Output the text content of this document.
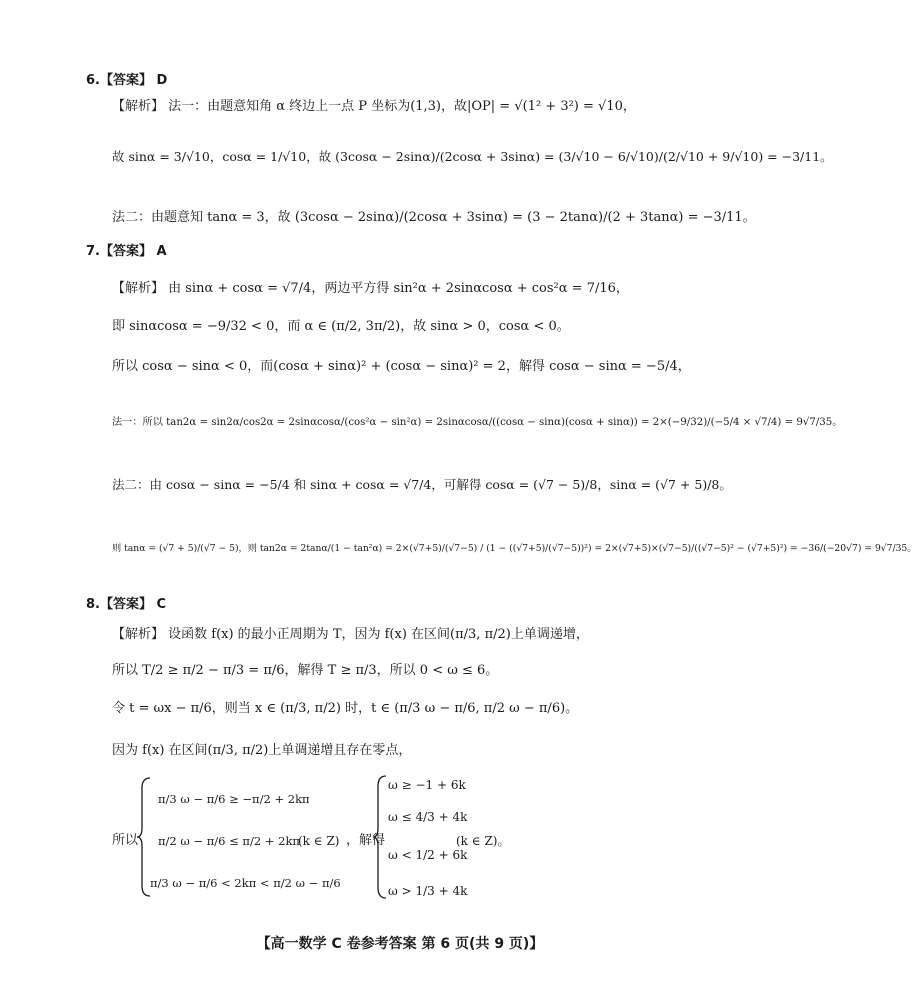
6.【答案】 D
【解析】 法一：由题意知角 α 终边上一点 P 坐标为(1,3)，故|OP| = √(1² + 3²) = √10，
故 sinα = 3/√10，cosα = 1/√10，故 (3cosα − 2sinα)/(2cosα + 3sinα) = (3/√10 − 6/√10)/(2/√10 + 9/√10) = −3/11。
法二：由题意知 tanα = 3，故 (3cosα − 2sinα)/(2cosα + 3sinα) = (3 − 2tanα)/(2 + 3tanα) = −3/11。
7.【答案】 A
【解析】 由 sinα + cosα = √7/4，两边平方得 sin²α + 2sinαcosα + cos²α = 7/16，
即 sinαcosα = −9/32 < 0，而 α ∈ (π/2, 3π/2)，故 sinα > 0，cosα < 0。
所以 cosα − sinα < 0，而(cosα + sinα)² + (cosα − sinα)² = 2，解得 cosα − sinα = −5/4，
法一：所以 tan2α = sin2α/cos2α = 2sinαcosα/(cos²α − sin²α) = 2sinαcosα/((cosα − sinα)(cosα + sinα)) = 2×(−9/32)/(−5/4 × √7/4) = 9√7/35。
法二：由 cosα − sinα = −5/4 和 sinα + cosα = √7/4，可解得 cosα = (√7 − 5)/8，sinα = (√7 + 5)/8。
则 tanα = (√7 + 5)/(√7 − 5)，则 tan2α = 2tanα/(1 − tan²α) = 2×(√7+5)/(√7−5) / (1 − ((√7+5)/(√7−5))²) = 2×(√7+5)×(√7−5)/((√7−5)² − (√7+5)²) = −36/(−20√7) = 9√7/35。
8.【答案】 C
【解析】 设函数 f(x) 的最小正周期为 T，因为 f(x) 在区间(π/3, π/2)上单调递增，
所以 T/2 ≥ π/2 − π/3 = π/6，解得 T ≥ π/3，所以 0 < ω ≤ 6。
令 t = ωx − π/6，则当 x ∈ (π/3, π/2) 时，t ∈ (π/3 ω − π/6, π/2 ω − π/6)。
因为 f(x) 在区间(π/3, π/2)上单调递增且存在零点，
所以
π/3 ω − π/6 ≥ −π/2 + 2kπ
π/2 ω − π/6 ≤ π/2 + 2kπ
π/3 ω − π/6 < 2kπ < π/2 ω − π/6
(k ∈ Z) ，解得
ω ≥ −1 + 6k
ω ≤ 4/3 + 4k
ω < 1/2 + 6k
ω > 1/3 + 4k
(k ∈ Z)。
【高一数学 C 卷参考答案 第 6 页(共 9 页)】
